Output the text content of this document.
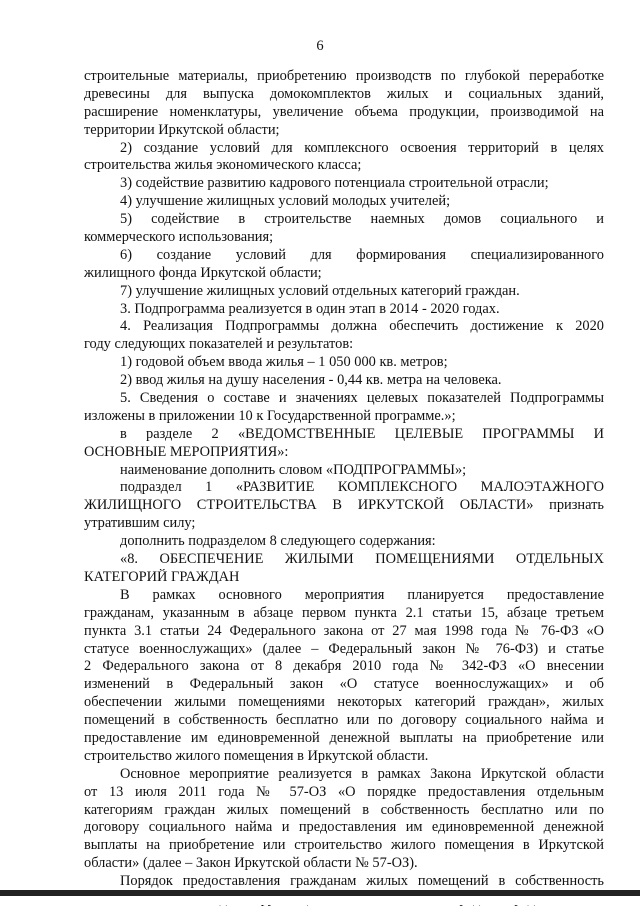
6
строительные материалы, приобретению производств по глубокой переработке
древесины для выпуска домокомплектов жилых и социальных зданий,
расширение номенклатуры, увеличение объема продукции, производимой на
территории Иркутской области;
2) создание условий для комплексного освоения территорий в целях
строительства жилья экономического класса;
3) содействие развитию кадрового потенциала строительной отрасли;
4) улучшение жилищных условий молодых учителей;
5) содействие в строительстве наемных домов социального и
коммерческого использования;
6) создание условий для формирования специализированного
жилищного фонда Иркутской области;
7) улучшение жилищных условий отдельных категорий граждан.
3. Подпрограмма реализуется в один этап в 2014 - 2020 годах.
4. Реализация Подпрограммы должна обеспечить достижение к 2020
году следующих показателей и результатов:
1) годовой объем ввода жилья – 1 050 000 кв. метров;
2) ввод жилья на душу населения - 0,44 кв. метра на человека.
5. Сведения о составе и значениях целевых показателей Подпрограммы
изложены в приложении 10 к Государственной программе.»;
в разделе 2 «ВЕДОМСТВЕННЫЕ ЦЕЛЕВЫЕ ПРОГРАММЫ И
ОСНОВНЫЕ МЕРОПРИЯТИЯ»:
наименование дополнить словом «ПОДПРОГРАММЫ»;
подраздел 1 «РАЗВИТИЕ КОМПЛЕКСНОГО МАЛОЭТАЖНОГО
ЖИЛИЩНОГО СТРОИТЕЛЬСТВА В ИРКУТСКОЙ ОБЛАСТИ» признать
утратившим силу;
дополнить подразделом 8 следующего содержания:
«8. ОБЕСПЕЧЕНИЕ ЖИЛЫМИ ПОМЕЩЕНИЯМИ ОТДЕЛЬНЫХ
КАТЕГОРИЙ ГРАЖДАН
В рамках основного мероприятия планируется предоставление
гражданам, указанным в абзаце первом пункта 2.1 статьи 15, абзаце третьем
пункта 3.1 статьи 24 Федерального закона от 27 мая 1998 года № 76-ФЗ «О
статусе военнослужащих» (далее – Федеральный закон № 76-ФЗ) и статье
2 Федерального закона от 8 декабря 2010 года № 342-ФЗ «О внесении
изменений в Федеральный закон «О статусе военнослужащих» и об
обеспечении жилыми помещениями некоторых категорий граждан», жилых
помещений в собственность бесплатно или по договору социального найма и
предоставление им единовременной денежной выплаты на приобретение или
строительство жилого помещения в Иркутской области.
Основное мероприятие реализуется в рамках Закона Иркутской области
от 13 июля 2011 года № 57-ОЗ «О порядке предоставления отдельным
категориям граждан жилых помещений в собственность бесплатно или по
договору социального найма и предоставления им единовременной денежной
выплаты на приобретение или строительство жилого помещения в Иркутской
области» (далее – Закон Иркутской области № 57-ОЗ).
Порядок предоставления гражданам жилых помещений в собственность
